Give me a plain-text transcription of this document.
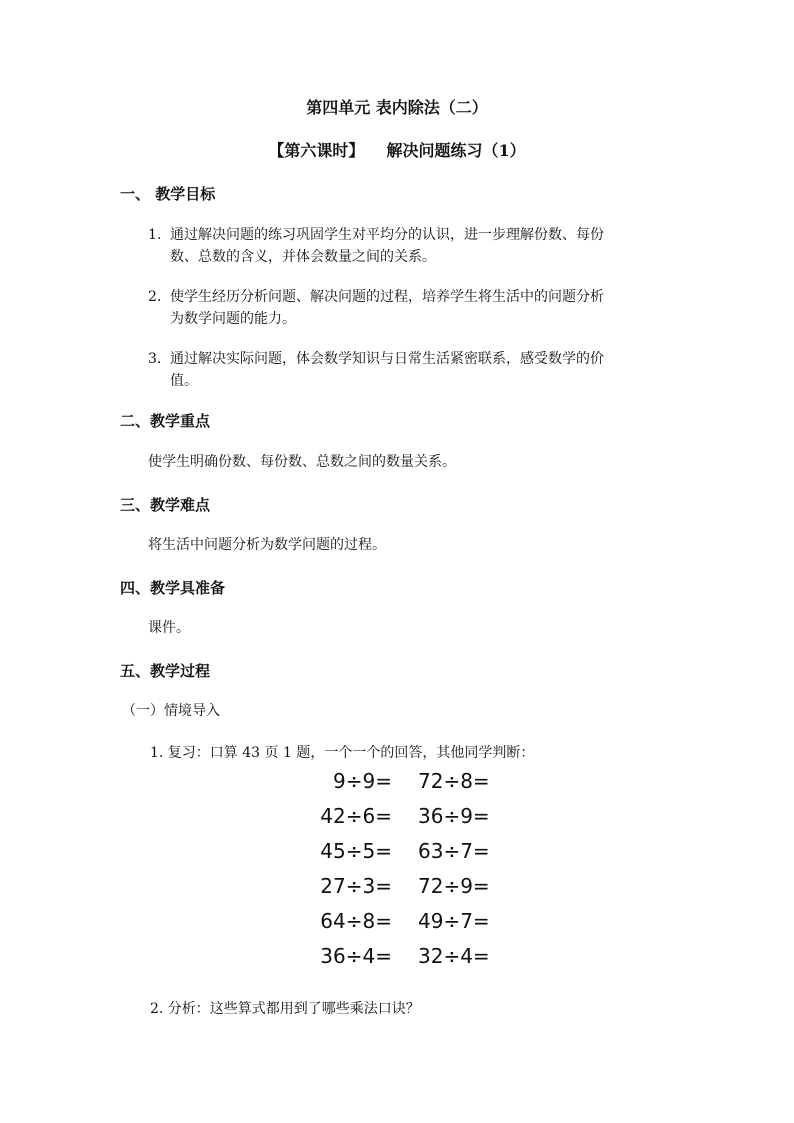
第四单元 表内除法（二）
【第六课时】 解决问题练习（1）
一、 教学目标
1. 通过解决问题的练习巩固学生对平均分的认识，进一步理解份数、每份
数、总数的含义，并体会数量之间的关系。
2. 使学生经历分析问题、解决问题的过程，培养学生将生活中的问题分析
为数学问题的能力。
3. 通过解决实际问题，体会数学知识与日常生活紧密联系，感受数学的价
值。
二、教学重点
使学生明确份数、每份数、总数之间的数量关系。
三、教学难点
将生活中问题分析为数学问题的过程。
四、教学具准备
课件。
五、教学过程
（一）情境导入
1. 复习：口算 43 页 1 题，一个一个的回答，其他同学判断：
9÷9= 72÷8=
42÷6= 36÷9=
45÷5= 63÷7=
27÷3= 72÷9=
64÷8= 49÷7=
36÷4= 32÷4=
2. 分析：这些算式都用到了哪些乘法口诀？
